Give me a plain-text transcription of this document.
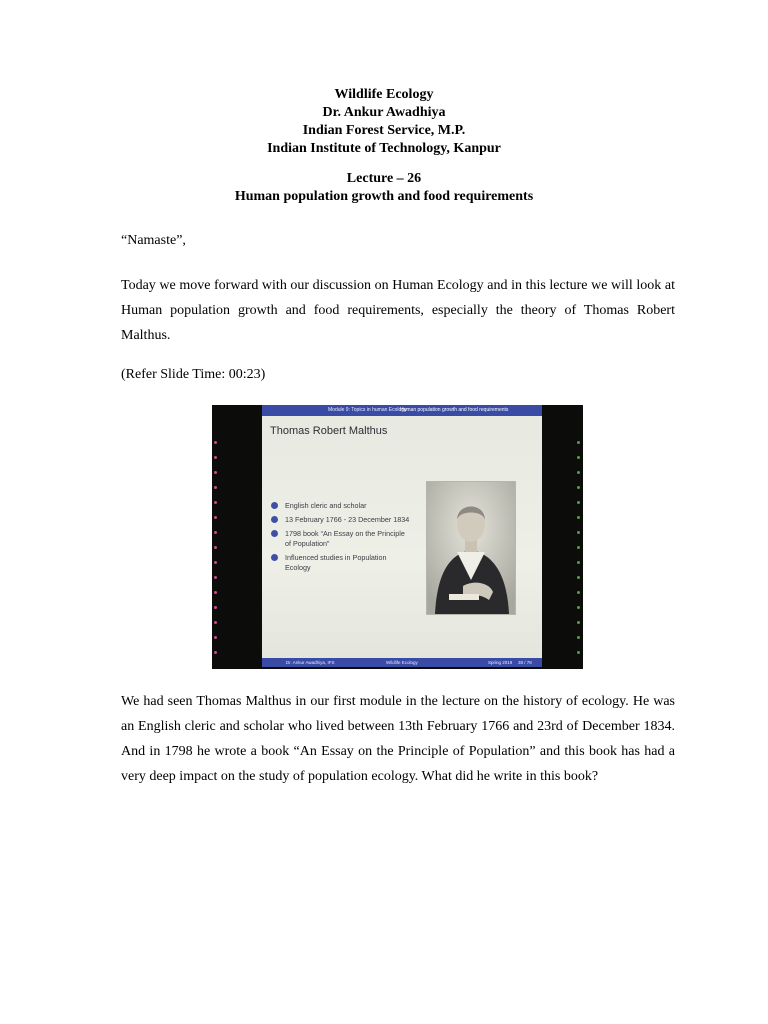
Wildlife Ecology
Dr. Ankur Awadhiya
Indian Forest Service, M.P.
Indian Institute of Technology, Kanpur
Lecture – 26
Human population growth and food requirements
“Namaste”,
Today we move forward with our discussion on Human Ecology and in this lecture we will look at Human population growth and food requirements, especially the theory of Thomas Robert Malthus.
(Refer Slide Time: 00:23)
Module 9: Topics in human Ecology
Human population growth and food requirements
Thomas Robert Malthus
English cleric and scholar
13 February 1766 - 23 December 1834
1798 book “An Essay on the Principle of Population”
Influenced studies in Population Ecology
Dr. Ankur Awadhiya, IFS	Wildlife Ecology	Spring 2019 38 / 78
We had seen Thomas Malthus in our first module in the lecture on the history of ecology. He was an English cleric and scholar who lived between 13th February 1766 and 23rd of December 1834. And in 1798 he wrote a book “An Essay on the Principle of Population” and this book has had a very deep impact on the study of population ecology. What did he write in this book?
